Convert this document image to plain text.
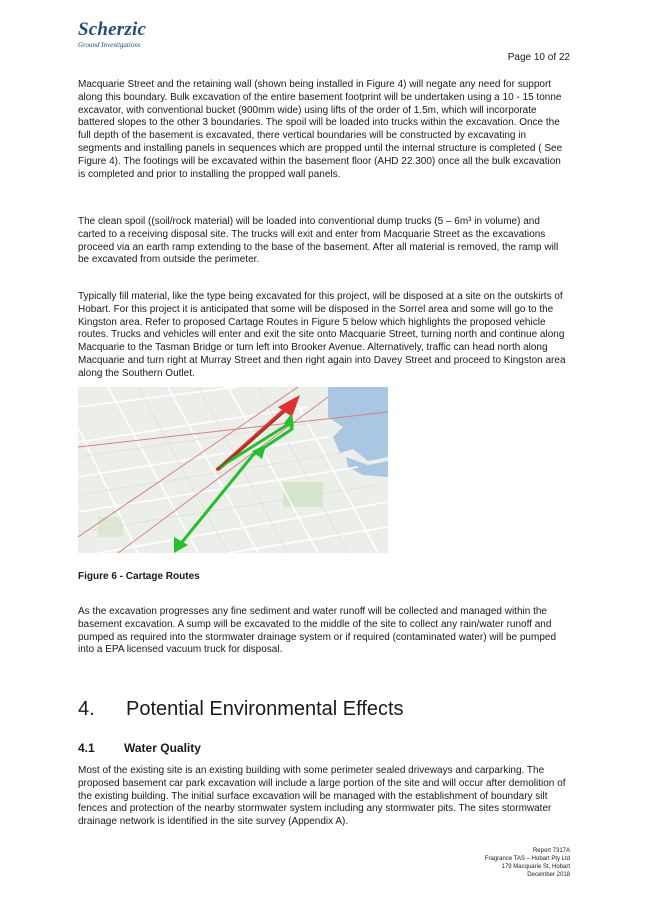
Scherzic
Ground Investigations
Page 10 of 22

Macquarie Street and the retaining wall (shown being installed in Figure 4) will negate any need for support along this boundary. Bulk excavation of the entire basement footprint will be undertaken using a 10 - 15 tonne excavator, with conventional bucket (900mm wide) using lifts of the order of 1.5m, which will incorporate battered slopes to the other 3 boundaries. The spoil will be loaded into trucks within the excavation. Once the full depth of the basement is excavated, there vertical boundaries will be constructed by excavating in segments and installing panels in sequences which are propped until the internal structure is completed ( See Figure 4). The footings will be excavated within the basement floor (AHD 22.300) once all the bulk excavation is completed and prior to installing the propped wall panels.

The clean spoil ((soil/rock material) will be loaded into conventional dump trucks (5 – 6m³ in volume) and carted to a receiving disposal site. The trucks will exit and enter from Macquarie Street as the excavations proceed via an earth ramp extending to the base of the basement. After all material is removed, the ramp will be excavated from outside the perimeter.

Typically fill material, like the type being excavated for this project, will be disposed at a site on the outskirts of Hobart. For this project it is anticipated that some will be disposed in the Sorrel area and some will go to the Kingston area. Refer to proposed Cartage Routes in Figure 5 below which highlights the proposed vehicle routes. Trucks and vehicles will enter and exit the site onto Macquarie Street, turning north and continue along Macquarie to the Tasman Bridge or turn left into Brooker Avenue. Alternatively, traffic can head north along Macquarie and turn right at Murray Street and then right again into Davey Street and proceed to Kingston area along the Southern Outlet.

Figure 6 - Cartage Routes

As the excavation progresses any fine sediment and water runoff will be collected and managed within the basement excavation. A sump will be excavated to the middle of the site to collect any rain/water runoff and pumped as required into the stormwater drainage system or if required (contaminated water) will be pumped into a EPA licensed vacuum truck for disposal.

4. Potential Environmental Effects
4.1 Water Quality

Most of the existing site is an existing building with some perimeter sealed driveways and carparking. The proposed basement car park excavation will include a large portion of the site and will occur after demolition of the existing building. The initial surface excavation will be managed with the establishment of boundary silt fences and protection of the nearby stormwater system including any stormwater pits. The sites stormwater drainage network is identified in the site survey (Appendix A).

Report 7317A
Fragrance TAS – Hobart Pty Ltd
179 Macquarie St, Hobart
December 2018
